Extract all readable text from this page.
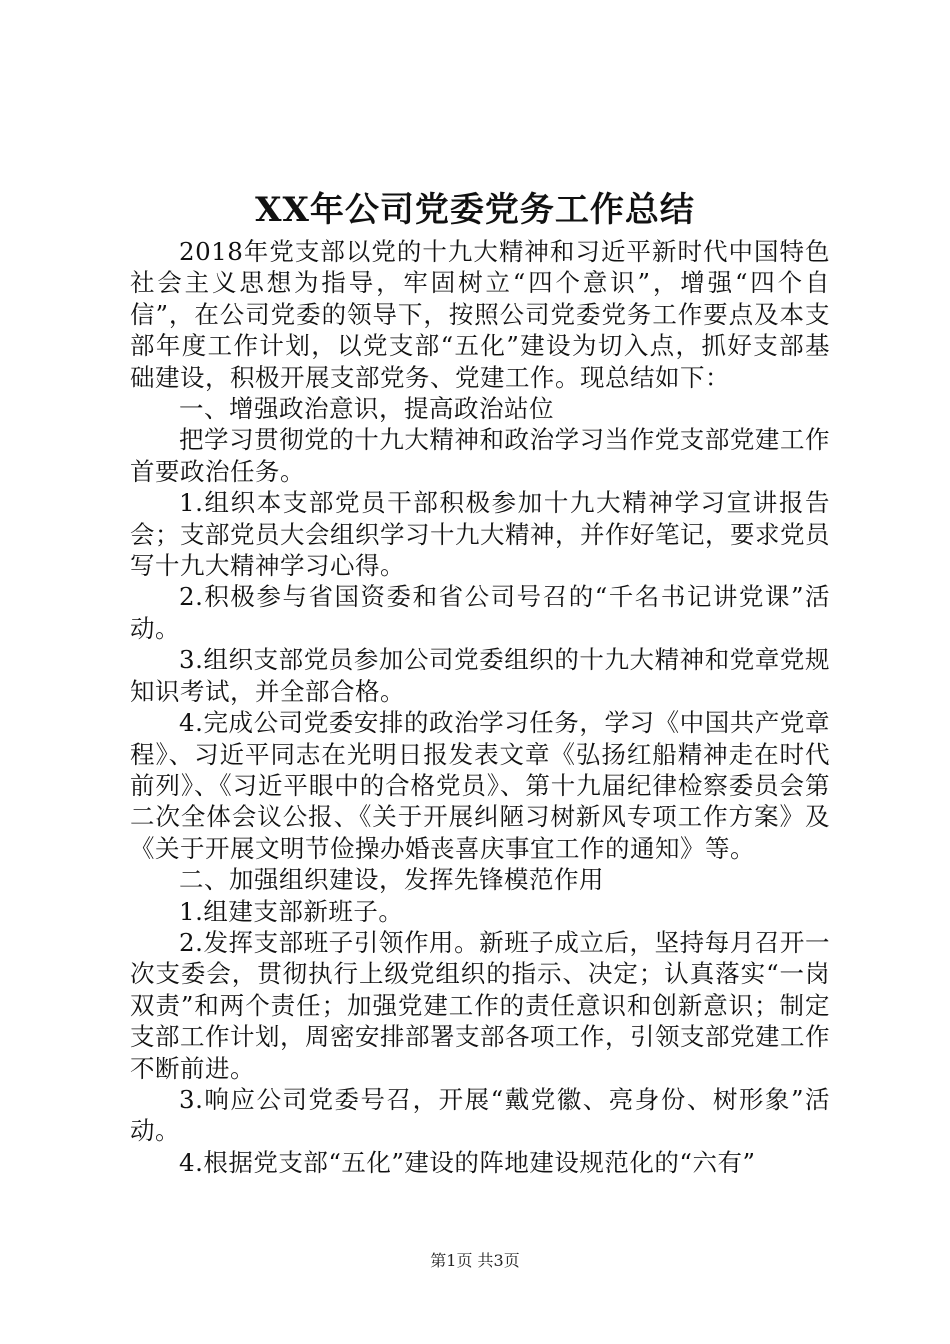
XX年公司党委党务工作总结

2018年党支部以党的十九大精神和习近平新时代中国特色社会主义思想为指导，牢固树立“四个意识”，增强“四个自信”，在公司党委的领导下，按照公司党委党务工作要点及本支部年度工作计划，以党支部“五化”建设为切入点，抓好支部基础建设，积极开展支部党务、党建工作。现总结如下：

一、增强政治意识，提高政治站位

把学习贯彻党的十九大精神和政治学习当作党支部党建工作首要政治任务。

1.组织本支部党员干部积极参加十九大精神学习宣讲报告会；支部党员大会组织学习十九大精神，并作好笔记，要求党员写十九大精神学习心得。

2.积极参与省国资委和省公司号召的“千名书记讲党课”活动。

3.组织支部党员参加公司党委组织的十九大精神和党章党规知识考试，并全部合格。

4.完成公司党委安排的政治学习任务，学习《中国共产党章程》、习近平同志在光明日报发表文章《弘扬红船精神走在时代前列》、《习近平眼中的合格党员》、第十九届纪律检察委员会第二次全体会议公报、《关于开展纠陋习树新风专项工作方案》及《关于开展文明节俭操办婚丧喜庆事宜工作的通知》等。

二、加强组织建设，发挥先锋模范作用

1.组建支部新班子。

2.发挥支部班子引领作用。新班子成立后，坚持每月召开一次支委会，贯彻执行上级党组织的指示、决定；认真落实“一岗双责”和两个责任；加强党建工作的责任意识和创新意识；制定支部工作计划，周密安排部署支部各项工作，引领支部党建工作不断前进。

3.响应公司党委号召，开展“戴党徽、亮身份、树形象”活动。

4.根据党支部“五化”建设的阵地建设规范化的“六有”

第1页 共3页
